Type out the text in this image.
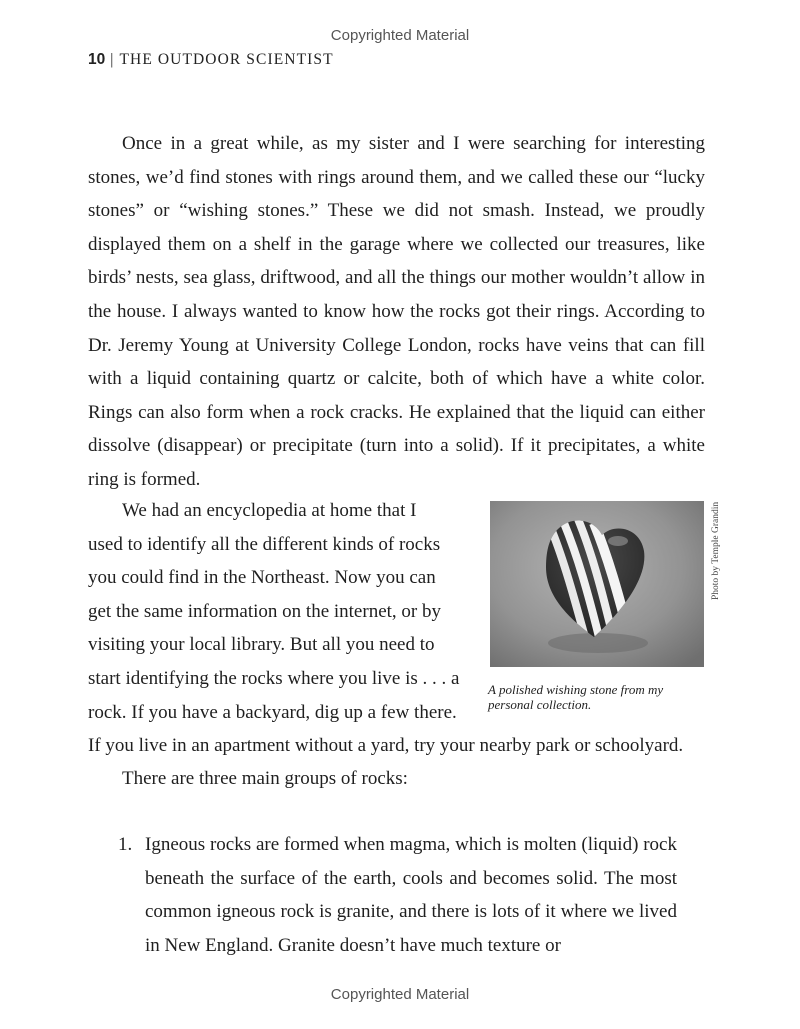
Copyrighted Material
10 | THE OUTDOOR SCIENTIST

Once in a great while, as my sister and I were searching for interesting stones, we’d find stones with rings around them, and we called these our “lucky stones” or “wishing stones.” These we did not smash. Instead, we proudly displayed them on a shelf in the garage where we collected our treasures, like birds’ nests, sea glass, driftwood, and all the things our mother wouldn’t allow in the house. I always wanted to know how the rocks got their rings. According to Dr. Jeremy Young at University College London, rocks have veins that can fill with a liquid containing quartz or calcite, both of which have a white color. Rings can also form when a rock cracks. He explained that the liquid can either dissolve (disappear) or precipitate (turn into a solid). If it precipitates, a white ring is formed.

We had an encyclopedia at home that I

used to identify all the different kinds of rocks

you could find in the Northeast. Now you can

get the same information on the internet, or by

visiting your local library. But all you need to

start identifying the rocks where you live is . . . a

rock. If you have a backyard, dig up a few there.

If you live in an apartment without a yard, try your nearby park or schoolyard.

Photo by Temple Grandin

A polished wishing stone from my personal collection.

There are three main groups of rocks:

1. Igneous rocks are formed when magma, which is molten (liquid) rock beneath the surface of the earth, cools and becomes solid. The most common igneous rock is granite, and there is lots of it where we lived in New England. Granite doesn’t have much texture or
Copyrighted Material
